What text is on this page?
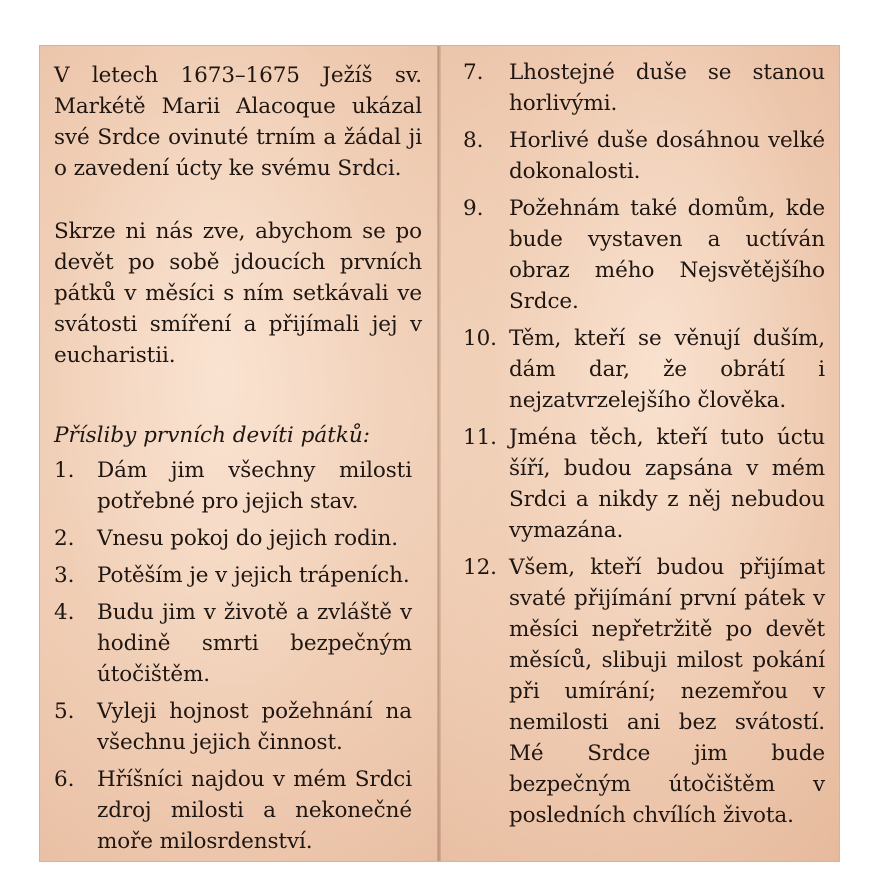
V letech 1673–1675 Ježíš sv. Markétě Marii Alacoque ukázal své Srdce ovinuté trním a žádal ji o zavedení úcty ke svému Srdci.

Skrze ni nás zve, abychom se po devět po sobě jdoucích prvních pátků v měsíci s ním setkávali ve svátosti smíření a přijímali jej v eucharistii.

Přísliby prvních devíti pátků:

1.	Dám jim všechny milosti potřebné pro jejich stav.
2.	Vnesu pokoj do jejich rodin.
3.	Potěším je v jejich trápeních.
4.	Budu jim v životě a zvláště v hodině smrti bezpečným útočištěm.
5.	Vyleji hojnost požehnání na všechnu jejich činnost.
6.	Hříšníci najdou v mém Srdci zdroj milosti a nekonečné moře milosrdenství.
7.	Lhostejné duše se stanou horlivými.
8.	Horlivé duše dosáhnou velké dokonalosti.
9.	Požehnám také domům, kde bude vystaven a uctíván obraz mého Nejsvětějšího Srdce.
10. Těm, kteří se věnují duším, dám dar, že obrátí i nejzatvrzelejšího člověka.
11. Jména těch, kteří tuto úctu šíří, budou zapsána v mém Srdci a nikdy z něj nebudou vymazána.
12. Všem, kteří budou přijímat svaté přijímání první pátek v měsíci nepřetržitě po devět měsíců, slibuji milost pokání při umírání; nezemřou v nemilosti ani bez svátostí. Mé Srdce jim bude bezpečným útočištěm v posledních chvílích života.
